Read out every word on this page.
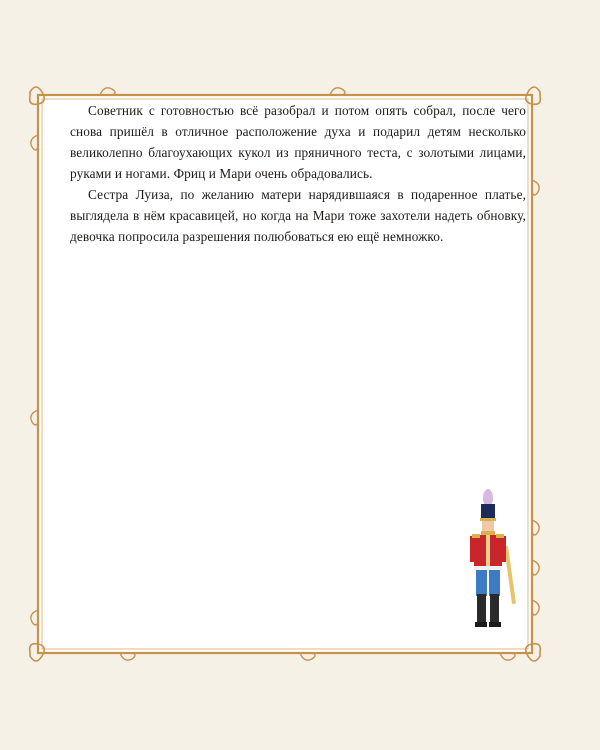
Советник с готовностью всё разобрал и потом опять собрал, после чего снова пришёл в отличное расположение духа и подарил детям несколько великолепно благоухающих кукол из пряничного теста, с золотыми лицами, руками и ногами. Фриц и Мари очень обрадовались.

Сестра Луиза, по желанию матери нарядившаяся в подаренное платье, выглядела в нём красавицей, но когда на Мари тоже захотели надеть обновку, девочка попросила разрешения полюбоваться ею ещё немножко.
